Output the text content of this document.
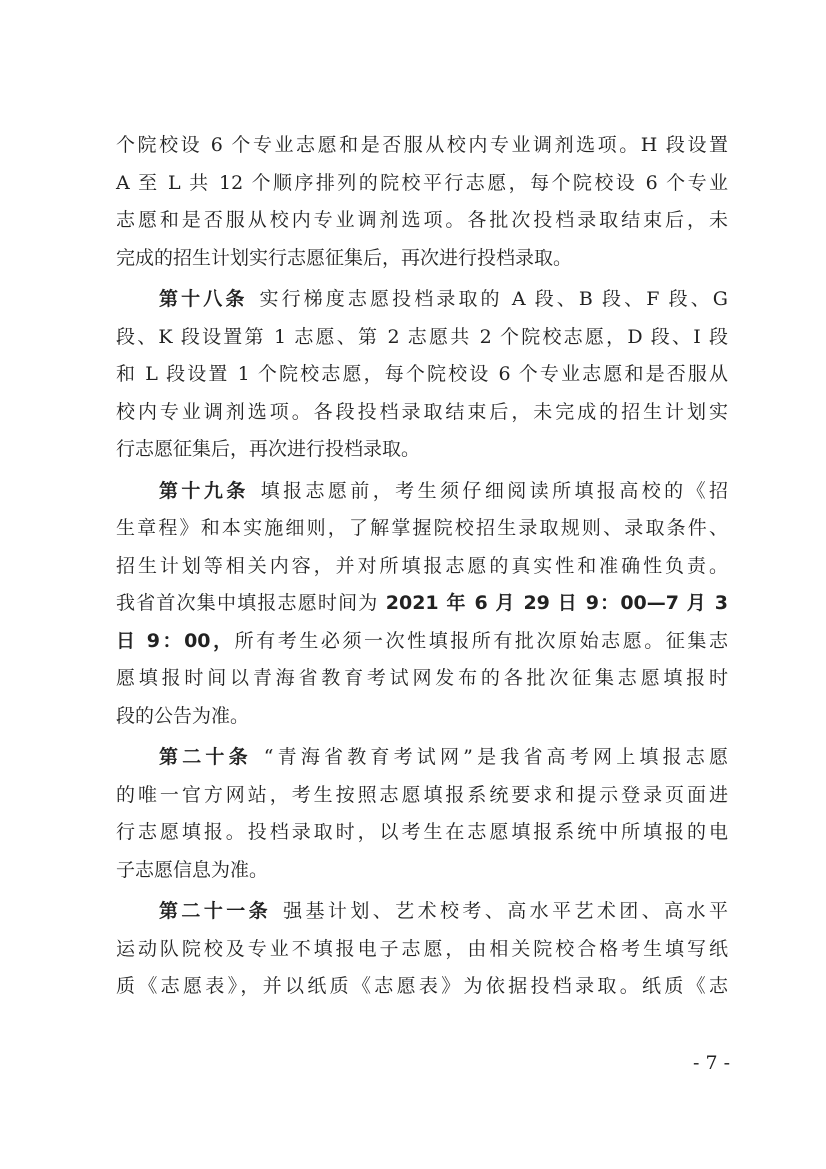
个院校设 6 个专业志愿和是否服从校内专业调剂选项。H 段设置
A 至 L 共 12 个顺序排列的院校平行志愿，每个院校设 6 个专业
志愿和是否服从校内专业调剂选项。各批次投档录取结束后，未
完成的招生计划实行志愿征集后，再次进行投档录取。
第十八条 实行梯度志愿投档录取的 A 段、B 段、F 段、G
段、K 段设置第 1 志愿、第 2 志愿共 2 个院校志愿，D 段、I 段
和 L 段设置 1 个院校志愿，每个院校设 6 个专业志愿和是否服从
校内专业调剂选项。各段投档录取结束后，未完成的招生计划实
行志愿征集后，再次进行投档录取。
第十九条 填报志愿前，考生须仔细阅读所填报高校的《招
生章程》和本实施细则，了解掌握院校招生录取规则、录取条件、
招生计划等相关内容，并对所填报志愿的真实性和准确性负责。
我省首次集中填报志愿时间为 2021 年 6 月 29 日 9：00—7 月 3
日 9：00，所有考生必须一次性填报所有批次原始志愿。征集志
愿填报时间以青海省教育考试网发布的各批次征集志愿填报时
段的公告为准。
第二十条 “青海省教育考试网”是我省高考网上填报志愿
的唯一官方网站，考生按照志愿填报系统要求和提示登录页面进
行志愿填报。投档录取时，以考生在志愿填报系统中所填报的电
子志愿信息为准。
第二十一条 强基计划、艺术校考、高水平艺术团、高水平
运动队院校及专业不填报电子志愿，由相关院校合格考生填写纸
质《志愿表》，并以纸质《志愿表》为依据投档录取。纸质《志
- 7 -
